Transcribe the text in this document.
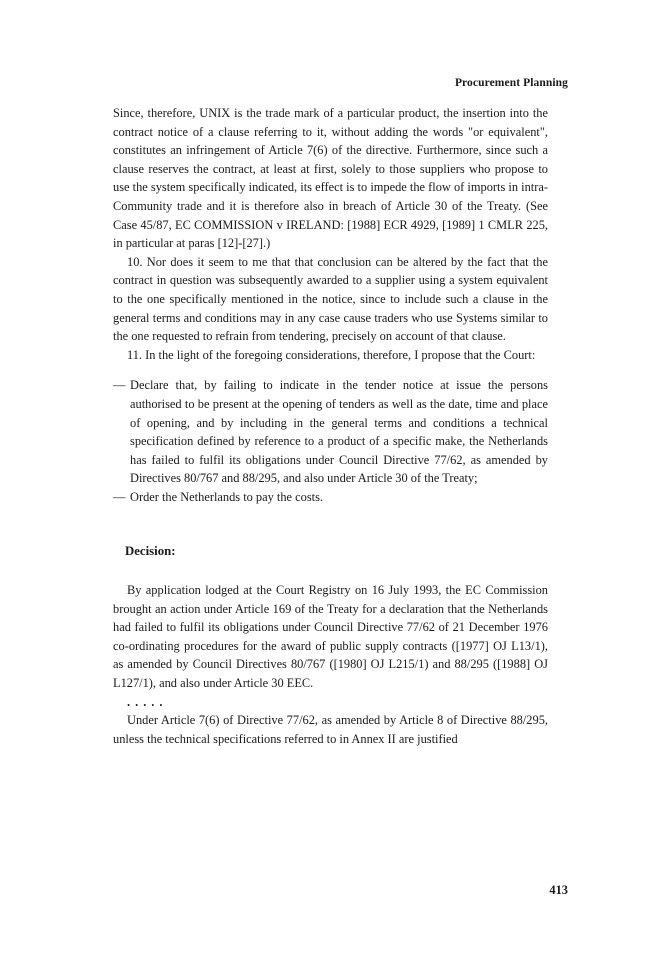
Procurement Planning

Since, therefore, UNIX is the trade mark of a particular product, the insertion into the contract notice of a clause referring to it, without adding the words "or equivalent", constitutes an infringement of Article 7(6) of the directive. Furthermore, since such a clause reserves the contract, at least at first, solely to those suppliers who propose to use the system specifically indicated, its effect is to impede the flow of imports in intra-Community trade and it is therefore also in breach of Article 30 of the Treaty. (See Case 45/87, EC COMMISSION v IRELAND: [1988] ECR 4929, [1989] 1 CMLR 225, in particular at paras [12]-[27].)

10. Nor does it seem to me that that conclusion can be altered by the fact that the contract in question was subsequently awarded to a supplier using a system equivalent to the one specifically mentioned in the notice, since to include such a clause in the general terms and conditions may in any case cause traders who use Systems similar to the one requested to refrain from tendering, precisely on account of that clause.

11. In the light of the foregoing considerations, therefore, I propose that the Court:

— Declare that, by failing to indicate in the tender notice at issue the persons authorised to be present at the opening of tenders as well as the date, time and place of opening, and by including in the general terms and conditions a technical specification defined by reference to a product of a specific make, the Netherlands has failed to fulfil its obligations under Council Directive 77/62, as amended by Directives 80/767 and 88/295, and also under Article 30 of the Treaty;
— Order the Netherlands to pay the costs.
Decision:

By application lodged at the Court Registry on 16 July 1993, the EC Commission brought an action under Article 169 of the Treaty for a declaration that the Netherlands had failed to fulfil its obligations under Council Directive 77/62 of 21 December 1976 co-ordinating procedures for the award of public supply contracts ([1977] OJ L13/1), as amended by Council Directives 80/767 ([1980] OJ L215/1) and 88/295 ([1988] OJ L127/1), and also under Article 30 EEC.

.....

Under Article 7(6) of Directive 77/62, as amended by Article 8 of Directive 88/295, unless the technical specifications referred to in Annex II are justified

413
